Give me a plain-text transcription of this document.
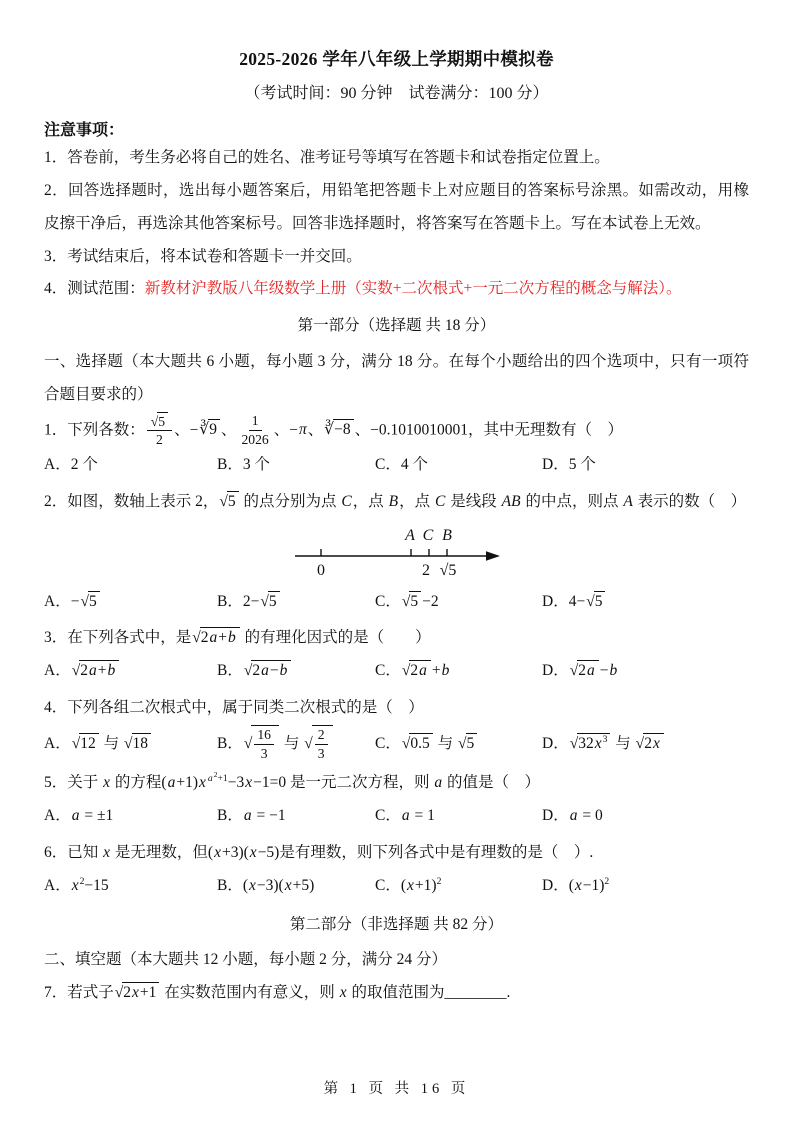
2025-2026 学年八年级上学期期中模拟卷
（考试时间：90 分钟　试卷满分：100 分）
注意事项：

1．答卷前，考生务必将自己的姓名、准考证号等填写在答题卡和试卷指定位置上。

2．回答选择题时，选出每小题答案后，用铅笔把答题卡上对应题目的答案标号涂黑。如需改动，用橡皮擦干净后，再选涂其他答案标号。回答非选择题时，将答案写在答题卡上。写在本试卷上无效。

3．考试结束后，将本试卷和答题卡一并交回。

4．测试范围：新教材沪教版八年级数学上册（实数+二次根式+一元二次方程的概念与解法）。

第一部分（选择题 共 18 分）

一、选择题（本大题共 6 小题，每小题 3 分，满分 18 分。在每个小题给出的四个选项中，只有一项符合题目要求的）

1．下列各数： $\frac{√5}{2}$ 、−∛9 、 $\frac{1}{2026}$ 、−π、∛−8 、−0.1010010001，其中无理数有（　）

A．2 个	B．3 个	C．4 个	D．5 个

2．如图，数轴上表示 2，√5 的点分别为点 C，点 B，点 C 是线段 AB 的中点，则点 A 表示的数（　）

A C B
0	2 √5
A．−√5	B．2−√5	C．√5 −2	D．4−√5

3．在下列各式中，是√2a+b 的有理化因式的是（　　）

A．√2a+b	B．√2a−b	C．√2a +b	D．√2a −b

4．下列各组二次根式中，属于同类二次根式的是（　）

A．√12 与 √18	B．√ $\frac{16}{3}$ 与 √ $\frac{2}{3}$	C．√0.5 与 √5	D．$√32x^3$ 与 √2x

5．关于 x 的方程(a+1)x $^{a^2+1}$−3x−1=0 是一元二次方程，则 a 的值是（　）

A．a = ±1	B．a = −1	C．a = 1	D．a = 0

6．已知 x 是无理数，但(x+3)(x−5)是有理数，则下列各式中是有理数的是（　）.

A．$x^2-15$	B．(x−3)(x+5)	C．$(x+1)^2$	D．$(x-1)^2$
第二部分（非选择题 共 82 分）

二、填空题（本大题共 12 小题，每小题 2 分，满分 24 分）

7．若式子√2x+1 在实数范围内有意义，则 x 的取值范围为________.

第 1 页 共 16 页
